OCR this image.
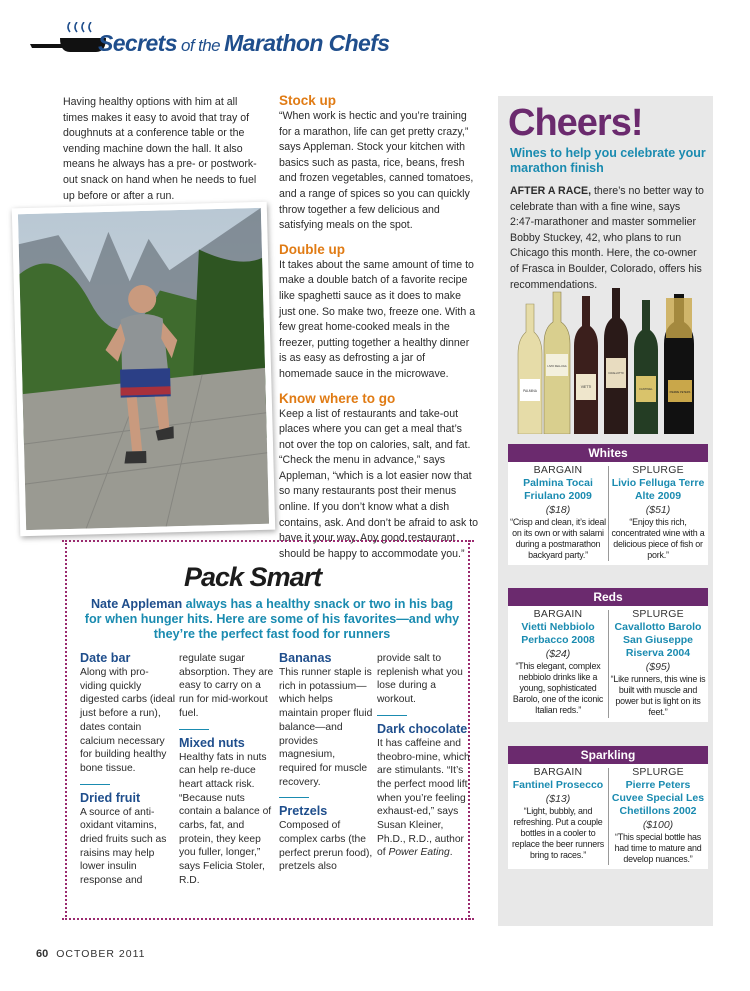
Secrets of the Marathon Chefs

Having healthy options with him at all times makes it easy to avoid that tray of doughnuts at a conference table or the vending machine down the hall. It also means he always has a pre- or postwork-out snack on hand when he needs to fuel up before or after a run.

Stock up

“When work is hectic and you’re training for a marathon, life can get pretty crazy,” says Appleman. Stock your kitchen with basics such as pasta, rice, beans, fresh and frozen vegetables, canned tomatoes, and a range of spices so you can quickly throw together a few delicious and satisfying meals on the spot.

Double up

It takes about the same amount of time to make a double batch of a favorite recipe like spaghetti sauce as it does to make just one. So make two, freeze one. With a few great home-cooked meals in the freezer, putting together a healthy dinner is as easy as defrosting a jar of homemade sauce in the microwave.

Know where to go

Keep a list of restaurants and take-out places where you can get a meal that’s not over the top on calories, salt, and fat. “Check the menu in advance,” says Appleman, “which is a lot easier now that so many restaurants post their menus online. If you don’t know what a dish contains, ask. And don’t be afraid to ask to have it your way. Any good restaurant should be happy to accommodate you.”

Cheers!
Wines to help you celebrate your marathon finish

AFTER A RACE, there’s no better way to celebrate than with a fine wine, says 2:47-marathoner and master sommelier Bobby Stuckey, 42, who plans to run Chicago this month. Here, the co-owner of Frasca in Boulder, Colorado, offers his recommendations.

PALMINA
LIVIO FELLUGA
VIETTI
CAVALLOTTO
FANTINEL
PIERRE PETERS
Whites
BARGAIN
Palmina Tocai Friulano 2009
($18)
“Crisp and clean, it’s ideal on its own or with salami during a postmarathon backyard party.”
SPLURGE
Livio Felluga Terre Alte 2009
($51)
“Enjoy this rich, concentrated wine with a delicious piece of fish or pork.”
Reds
BARGAIN
Vietti Nebbiolo Perbacco 2008
($24)
“This elegant, complex nebbiolo drinks like a young, sophisticated Barolo, one of the iconic Italian reds.”
SPLURGE
Cavallotto Barolo San Giuseppe Riserva 2004
($95)
“Like runners, this wine is built with muscle and power but is light on its feet.”
Sparkling
BARGAIN
Fantinel Prosecco
($13)
“Light, bubbly, and refreshing. Put a couple bottles in a cooler to replace the beer runners bring to races.”
SPLURGE
Pierre Peters Cuvee Special Les Chetillons 2002
($100)
“This special bottle has had time to mature and develop nuances.”
Pack Smart

Nate Appleman always has a healthy snack or two in his bag for when hunger hits. Here are some of his favorites—and why they’re the perfect fast food for runners

Date bar

Along with pro-viding quickly digested carbs (ideal just before a run), dates contain calcium necessary for building healthy bone tissue.

Dried fruit

A source of anti-oxidant vitamins, dried fruits such as raisins may help lower insulin response and

regulate sugar absorption. They are easy to carry on a run for mid-workout fuel.

Mixed nuts

Healthy fats in nuts can help re-duce heart attack risk. “Because nuts contain a balance of carbs, fat, and protein, they keep you fuller, longer,” says Felicia Stoler, R.D.

Bananas

This runner staple is rich in potassium—which helps maintain proper fluid balance—and provides magnesium, required for muscle recovery.

Pretzels

Composed of complex carbs (the perfect prerun food), pretzels also

provide salt to replenish what you lose during a workout.

Dark chocolate

It has caffeine and theobro-mine, which are stimulants. “It’s the perfect mood lift when you’re feeling exhaust-ed,” says Susan Kleiner, Ph.D., R.D., author of Power Eating.

60 OCTOBER 2011
